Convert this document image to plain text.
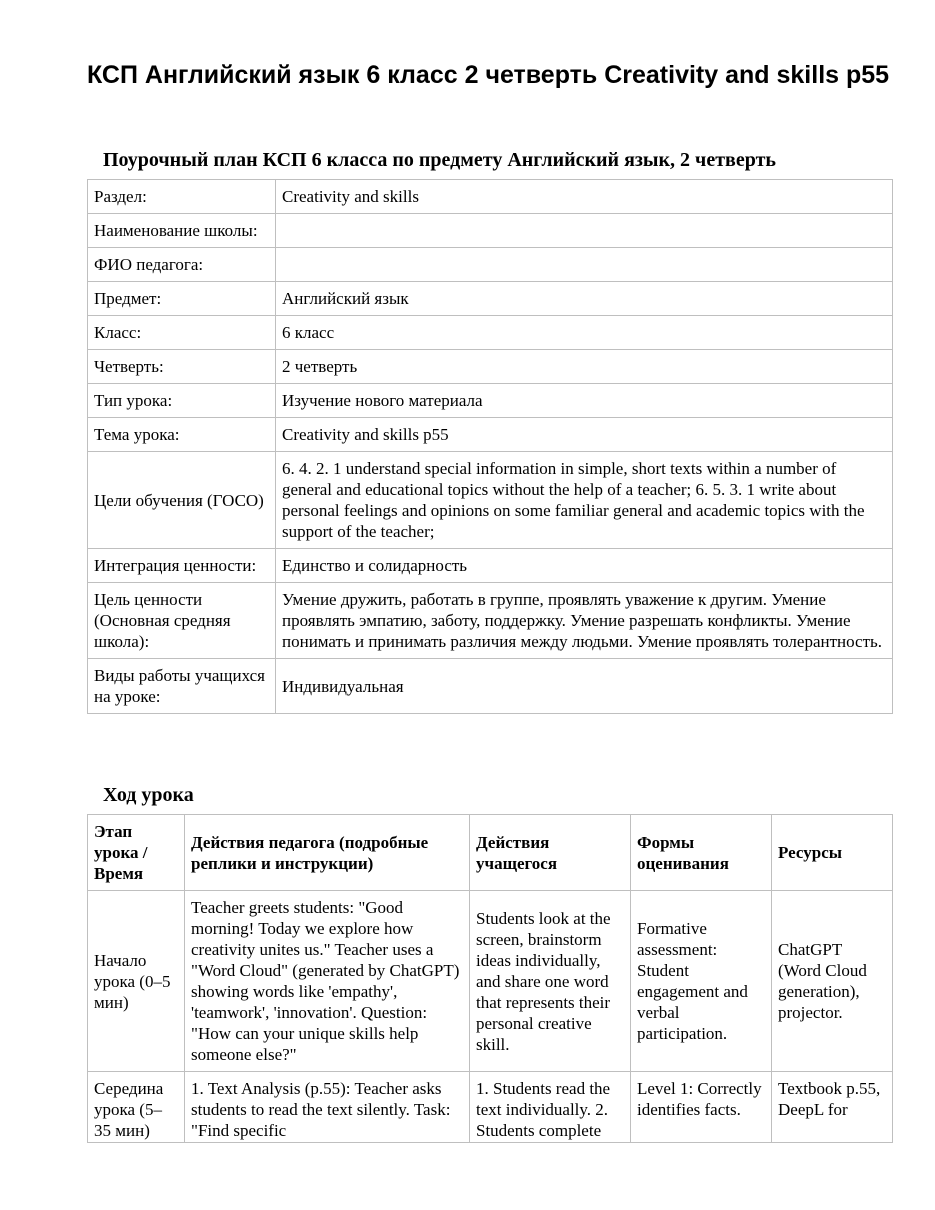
КСП Английский язык 6 класс 2 четверть Creativity and skills p55
Поурочный план КСП 6 класса по предмету Английский язык, 2 четверть
Раздел:	Creativity and skills
Наименование школы:	
ФИО педагога:	
Предмет:	Английский язык
Класс:	6 класс
Четверть:	2 четверть
Тип урока:	Изучение нового материала
Тема урока:	Creativity and skills p55
Цели обучения (ГОСО)	6. 4. 2. 1 understand special information in simple, short texts within a number of general and educational topics without the help of a teacher; 6. 5. 3. 1 write about personal feelings and opinions on some familiar general and academic topics with the support of the teacher;
Интеграция ценности:	Единство и солидарность
Цель ценности (Основная средняя школа):	Умение дружить, работать в группе, проявлять уважение к другим. Умение проявлять эмпатию, заботу, поддержку. Умение разрешать конфликты. Умение понимать и принимать различия между людьми. Умение проявлять толерантность.
Виды работы учащихся на уроке:	Индивидуальная
Ход урока
Этап урока / Время	Действия педагога (подробные реплики и инструкции)	Действия учащегося	Формы оценивания	Ресурсы
Начало урока (0–5 мин)	Teacher greets students: "Good morning! Today we explore how creativity unites us." Teacher uses a "Word Cloud" (generated by ChatGPT) showing words like 'empathy', 'teamwork', 'innovation'. Question: "How can your unique skills help someone else?"	Students look at the screen, brainstorm ideas individually, and share one word that represents their personal creative skill.	Formative assessment: Student engagement and verbal participation.	ChatGPT (Word Cloud generation), projector.
Середина урока (5–35 мин)	1. Text Analysis (p.55): Teacher asks students to read the text silently. Task: "Find specific	1. Students read the text individually. 2. Students complete	Level 1: Correctly identifies facts.	Textbook p.55, DeepL for
